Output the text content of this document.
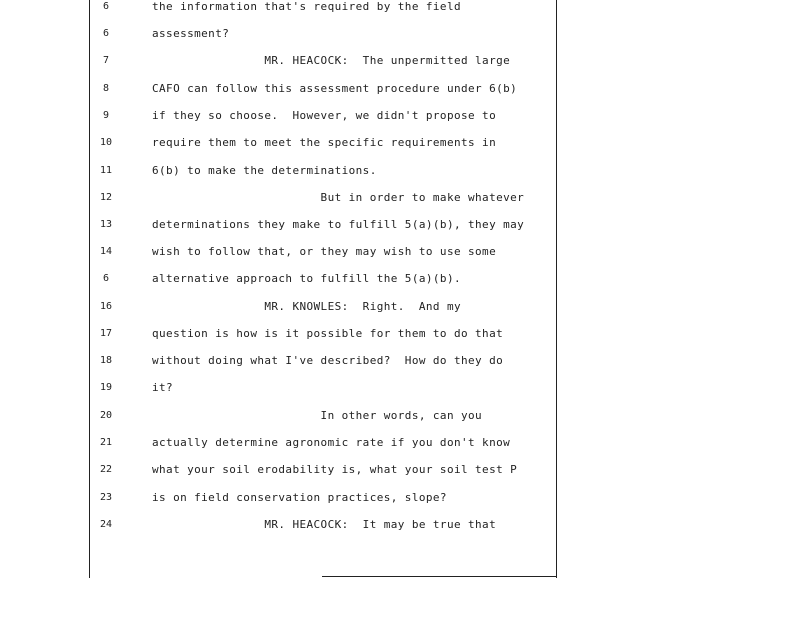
6	the information that's required by the field
6	assessment?
7	MR. HEACOCK:  The unpermitted large
8	CAFO can follow this assessment procedure under 6(b)
9	if they so choose.  However, we didn't propose to
10	require them to meet the specific requirements in
11	6(b) to make the determinations.
12	But in order to make whatever
13	determinations they make to fulfill 5(a)(b), they may
14	wish to follow that, or they may wish to use some
6	alternative approach to fulfill the 5(a)(b).
16	MR. KNOWLES:  Right.  And my
17	question is how is it possible for them to do that
18	without doing what I've described?  How do they do
19	it?
20	In other words, can you
21	actually determine agronomic rate if you don't know
22	what your soil erodability is, what your soil test P
23	is on field conservation practices, slope?
24	MR. HEACOCK:  It may be true that
